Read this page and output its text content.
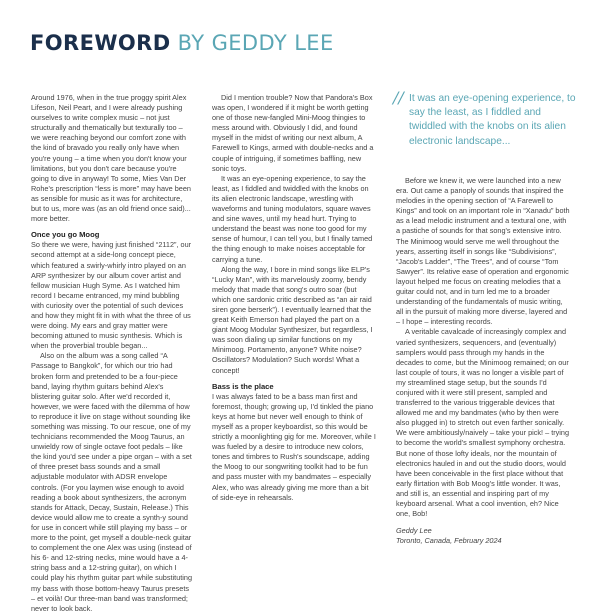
FOREWORD BY GEDDY LEE

Around 1976, when in the true proggy spirit Alex Lifeson, Neil Peart, and I were already pushing ourselves to write complex music – not just structurally and thematically but texturally too – we were reaching beyond our comfort zone with the kind of bravado you really only have when you're young – a time when you don't know your limitations, but you don't care because you're going to dive in anyway! To some, Mies Van Der Rohe's prescription “less is more” may have been as sensible for music as it was for architecture, but to us, more was (as an old friend once said)... more better.

Once you go Moog

So there we were, having just finished “2112”, our second attempt at a side-long concept piece, which featured a swirly-whirly intro played on an ARP synthesizer by our album cover artist and fellow musician Hugh Syme. As I watched him record I became entranced, my mind bubbling with curiosity over the potential of such devices and how they might fit in with what the three of us were doing. My ears and gray matter were becoming attuned to music synthesis. Which is when the proverbial trouble began...

Also on the album was a song called “A Passage to Bangkok”, for which our trio had broken form and pretended to be a four-piece band, laying rhythm guitars behind Alex's blistering guitar solo. After we'd recorded it, however, we were faced with the dilemma of how to reproduce it live on stage without sounding like something was missing. To our rescue, one of my technicians recommended the Moog Taurus, an unwieldy row of single octave foot pedals – like the kind you'd see under a pipe organ – with a set of three preset bass sounds and a small adjustable modulator with ADSR envelope controls. (For you laymen wise enough to avoid reading a book about synthesizers, the acronym stands for Attack, Decay, Sustain, Release.) This device would allow me to create a synth-y sound for use in concert while still playing my bass – or more to the point, get myself a double-neck guitar to complement the one Alex was using (instead of his 6- and 12-string necks, mine would have a 4-string bass and a 12-string guitar), on which I could play his rhythm guitar part while substituting my bass with those bottom-heavy Taurus presets – et voilà! Our three-man band was transformed; never to look back.

Did I mention trouble? Now that Pandora's Box was open, I wondered if it might be worth getting one of those new-fangled Mini-Moog thingies to mess around with. Obviously I did, and found myself in the midst of writing our next album, A Farewell to Kings, armed with double-necks and a couple of intriguing, if sometimes baffling, new sonic toys.

It was an eye-opening experience, to say the least, as I fiddled and twiddled with the knobs on its alien electronic landscape, wrestling with waveforms and tuning modulators, square waves and sine waves, until my head hurt. Trying to understand the beast was none too good for my sense of humour, I can tell you, but I finally tamed the thing enough to make noises acceptable for carrying a tune.

Along the way, I bore in mind songs like ELP's “Lucky Man”, with its marvelously zoomy, bendy melody that made that song's outro soar (but which one sardonic critic described as “an air raid siren gone berserk”). I eventually learned that the great Keith Emerson had played the part on a giant Moog Modular Synthesizer, but regardless, I was soon dialing up similar functions on my Minimoog. Portamento, anyone? White noise? Oscillators? Modulation? Such words! What a concept!

Bass is the place

I was always fated to be a bass man first and foremost, though; growing up, I'd tinkled the piano keys at home but never well enough to think of myself as a proper keyboardist, so this would be strictly a moonlighting gig for me. Moreover, while I was fueled by a desire to introduce new colors, tones and timbres to Rush's soundscape, adding the Moog to our songwriting toolkit had to be fun and pass muster with my bandmates – especially Alex, who was already giving me more than a bit of side-eye in rehearsals.

// It was an eye-opening experience, to say the least, as I fiddled and twiddled with the knobs on its alien electronic landscape...

Before we knew it, we were launched into a new era. Out came a panoply of sounds that inspired the melodies in the opening section of “A Farewell to Kings” and took on an important role in “Xanadu” both as a lead melodic instrument and a textural one, with a pastiche of sounds for that song's extensive intro. The Minimoog would serve me well throughout the years, asserting itself in songs like “Subdivisions”, “Jacob's Ladder”, “The Trees”, and of course “Tom Sawyer”. Its relative ease of operation and ergonomic layout helped me focus on creating melodies that a guitar could not, and in turn led me to a broader understanding of the fundamentals of music writing, all in the pursuit of making more diverse, layered and – I hope – interesting records.

A veritable cavalcade of increasingly complex and varied synthesizers, sequencers, and (eventually) samplers would pass through my hands in the decades to come, but the Minimoog remained; on our last couple of tours, it was no longer a visible part of my streamlined stage setup, but the sounds I'd conjured with it were still present, sampled and transferred to the various triggerable devices that allowed me and my bandmates (who by then were also plugged in) to stretch out even farther sonically. We were ambitiously/naively – take your pick! – trying to become the world's smallest symphony orchestra. But none of those lofty ideals, nor the mountain of electronics hauled in and out the studio doors, would have been conceivable in the first place without that early flirtation with Bob Moog's little wonder. It was, and still is, an essential and inspiring part of my keyboard arsenal. What a cool invention, eh? Nice one, Bob!

Geddy Lee

Toronto, Canada, February 2024
